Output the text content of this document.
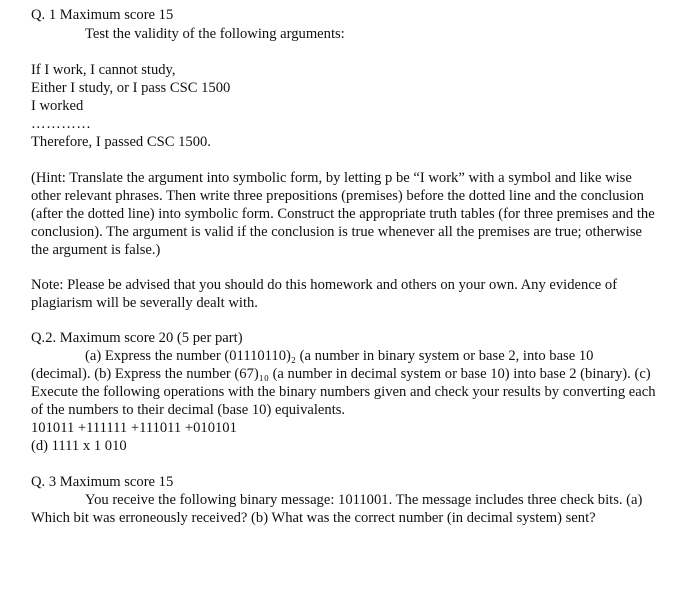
Q. 1 Maximum score 15
Test the validity of the following arguments:
If I work, I cannot study,
Either I study, or I pass CSC 1500
I worked
…………
Therefore, I passed CSC 1500.
(Hint: Translate the argument into symbolic form, by letting p be “I work” with a symbol and like wise
other relevant phrases. Then write three prepositions (premises) before the dotted line and the conclusion
(after the dotted line) into symbolic form. Construct the appropriate truth tables (for three premises and the
conclusion). The argument is valid if the conclusion is true whenever all the premises are true; otherwise
the argument is false.)
Note: Please be advised that you should do this homework and others on your own. Any evidence of
plagiarism will be severally dealt with.
Q.2. Maximum score 20 (5 per part)
(a) Express the number (01110110)₂ (a number in binary system or base 2, into base 10
(decimal). (b) Express the number (67)₁₀ (a number in decimal system or base 10) into base 2 (binary). (c)
Execute the following operations with the binary numbers given and check your results by converting each
of the numbers to their decimal (base 10) equivalents.
101011 +111111 +111011 +010101
(d) 1111 x 1 010
Q. 3 Maximum score 15
You receive the following binary message: 1011001. The message includes three check bits. (a)
Which bit was erroneously received? (b) What was the correct number (in decimal system) sent?
